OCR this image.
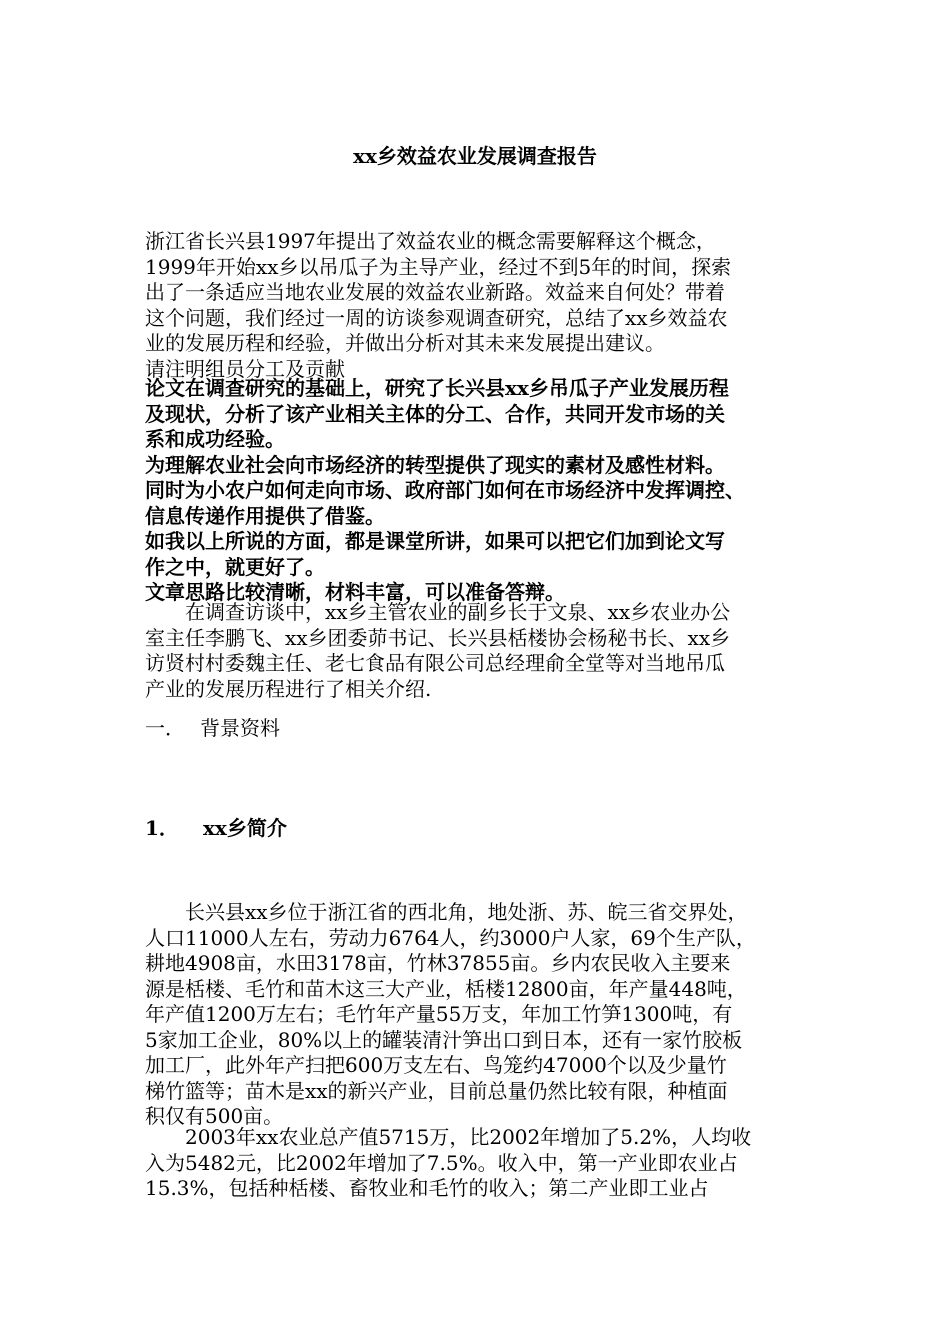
xx乡效益农业发展调查报告
浙江省长兴县1997年提出了效益农业的概念需要解释这个概念，
1999年开始xx乡以吊瓜子为主导产业，经过不到5年的时间，探索
出了一条适应当地农业发展的效益农业新路。效益来自何处？带着
这个问题，我们经过一周的访谈参观调查研究，总结了xx乡效益农
业的发展历程和经验，并做出分析对其未来发展提出建议。
请注明组员分工及贡献
论文在调查研究的基础上，研究了长兴县xx乡吊瓜子产业发展历程
及现状，分析了该产业相关主体的分工、合作，共同开发市场的关
系和成功经验。
为理解农业社会向市场经济的转型提供了现实的素材及感性材料。
同时为小农户如何走向市场、政府部门如何在市场经济中发挥调控、
信息传递作用提供了借鉴。
如我以上所说的方面，都是课堂所讲，如果可以把它们加到论文写
作之中，就更好了。
文章思路比较清晰，材料丰富，可以准备答辩。
　　在调查访谈中，xx乡主管农业的副乡长于文泉、xx乡农业办公
室主任李鹏飞、xx乡团委茆书记、长兴县栝楼协会杨秘书长、xx乡
访贤村村委魏主任、老七食品有限公司总经理俞全堂等对当地吊瓜
产业的发展历程进行了相关介绍.
一． 背景资料
1． xx乡简介
　　长兴县xx乡位于浙江省的西北角，地处浙、苏、皖三省交界处，
人口11000人左右，劳动力6764人，约3000户人家，69个生产队，
耕地4908亩，水田3178亩，竹林37855亩。乡内农民收入主要来
源是栝楼、毛竹和苗木这三大产业，栝楼12800亩，年产量448吨，
年产值1200万左右；毛竹年产量55万支，年加工竹笋1300吨，有
5家加工企业，80%以上的罐装清汁笋出口到日本，还有一家竹胶板
加工厂，此外年产扫把600万支左右、鸟笼约47000个以及少量竹
梯竹篮等；苗木是xx的新兴产业，目前总量仍然比较有限，种植面
积仅有500亩。
　　2003年xx农业总产值5715万，比2002年增加了5.2%，人均收
入为5482元，比2002年增加了7.5%。收入中，第一产业即农业占
15.3%，包括种栝楼、畜牧业和毛竹的收入；第二产业即工业占
